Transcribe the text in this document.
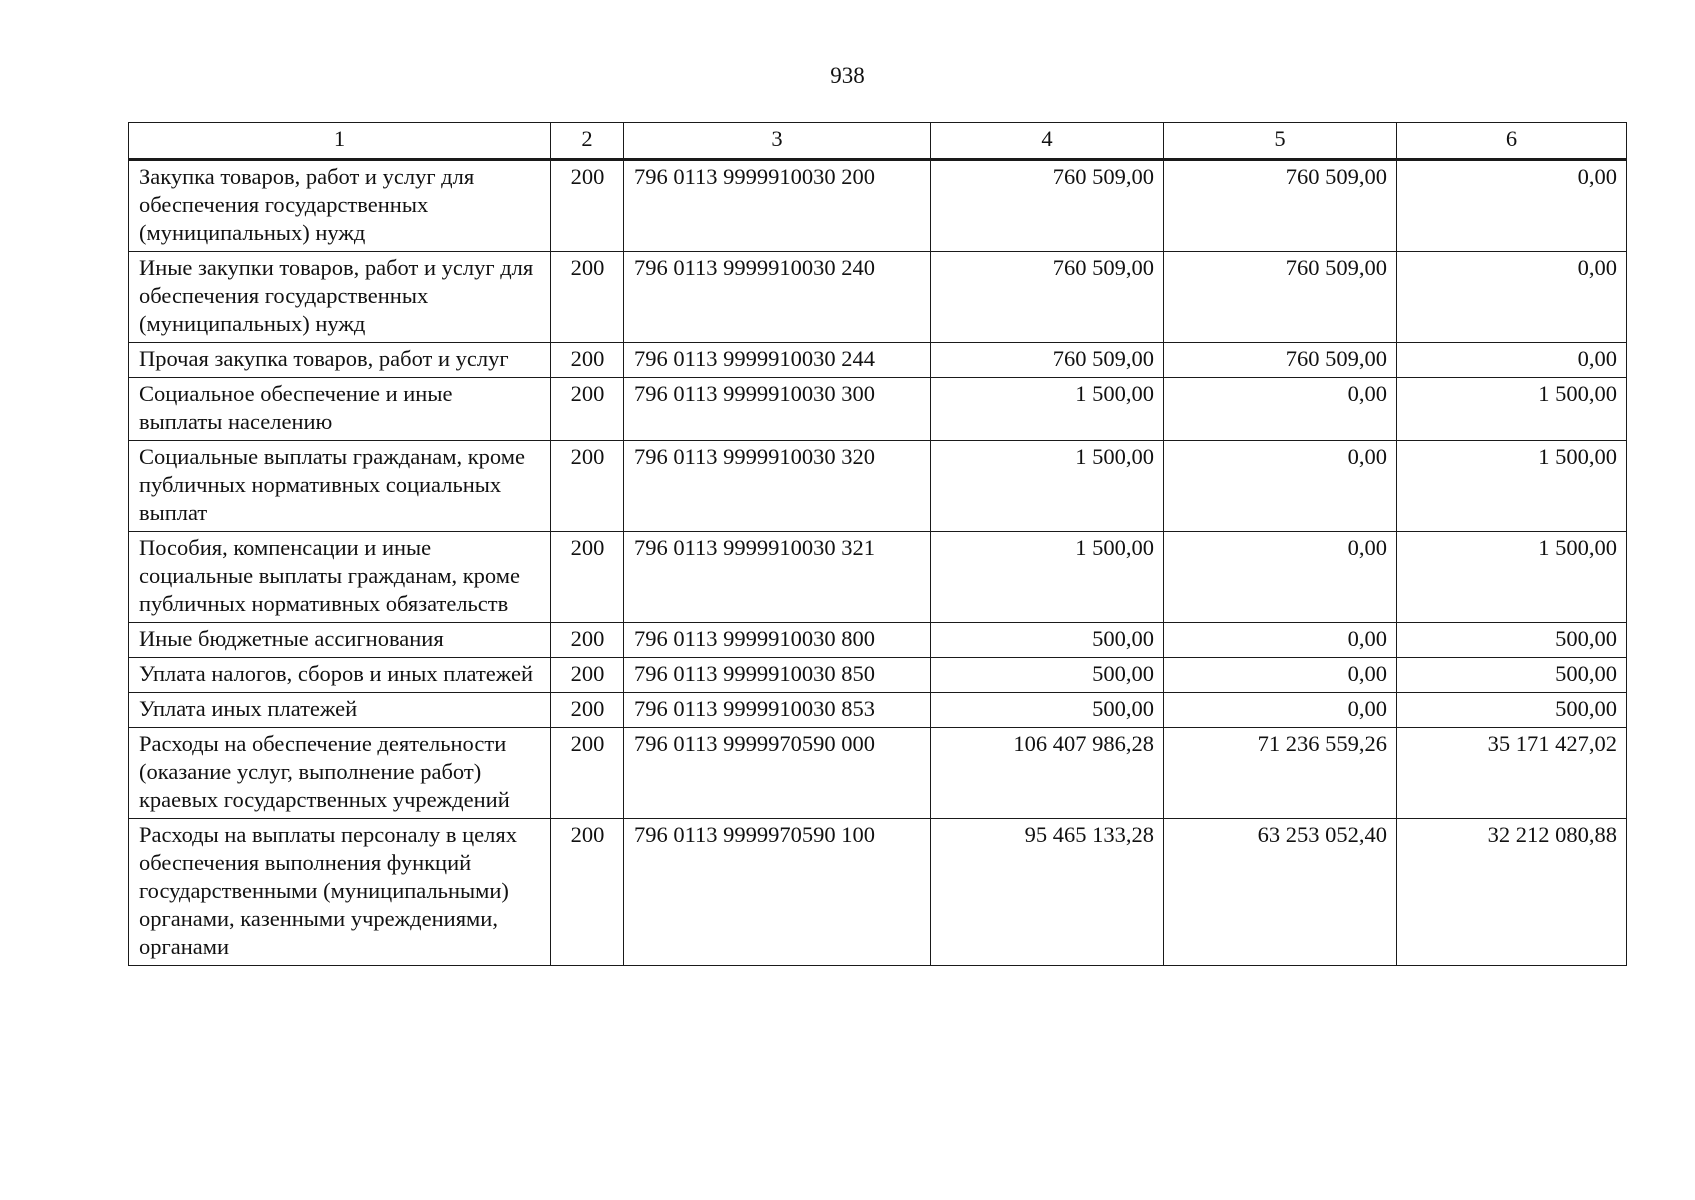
938
1	2	3	4	5	6
Закупка товаров, работ и услуг для обеспечения государственных (муниципальных) нужд	200	796 0113 9999910030 200	760 509,00	760 509,00	0,00
Иные закупки товаров, работ и услуг для обеспечения государственных (муниципальных) нужд	200	796 0113 9999910030 240	760 509,00	760 509,00	0,00
Прочая закупка товаров, работ и услуг	200	796 0113 9999910030 244	760 509,00	760 509,00	0,00
Социальное обеспечение и иные выплаты населению	200	796 0113 9999910030 300	1 500,00	0,00	1 500,00
Социальные выплаты гражданам, кроме публичных нормативных социальных выплат	200	796 0113 9999910030 320	1 500,00	0,00	1 500,00
Пособия, компенсации и иные социальные выплаты гражданам, кроме публичных нормативных обязательств	200	796 0113 9999910030 321	1 500,00	0,00	1 500,00
Иные бюджетные ассигнования	200	796 0113 9999910030 800	500,00	0,00	500,00
Уплата налогов, сборов и иных платежей	200	796 0113 9999910030 850	500,00	0,00	500,00
Уплата иных платежей	200	796 0113 9999910030 853	500,00	0,00	500,00
Расходы на обеспечение деятельности (оказание услуг, выполнение работ) краевых государственных учреждений	200	796 0113 9999970590 000	106 407 986,28	71 236 559,26	35 171 427,02
Расходы на выплаты персоналу в целях обеспечения выполнения функций государственными (муниципальными) органами, казенными учреждениями, органами	200	796 0113 9999970590 100	95 465 133,28	63 253 052,40	32 212 080,88
